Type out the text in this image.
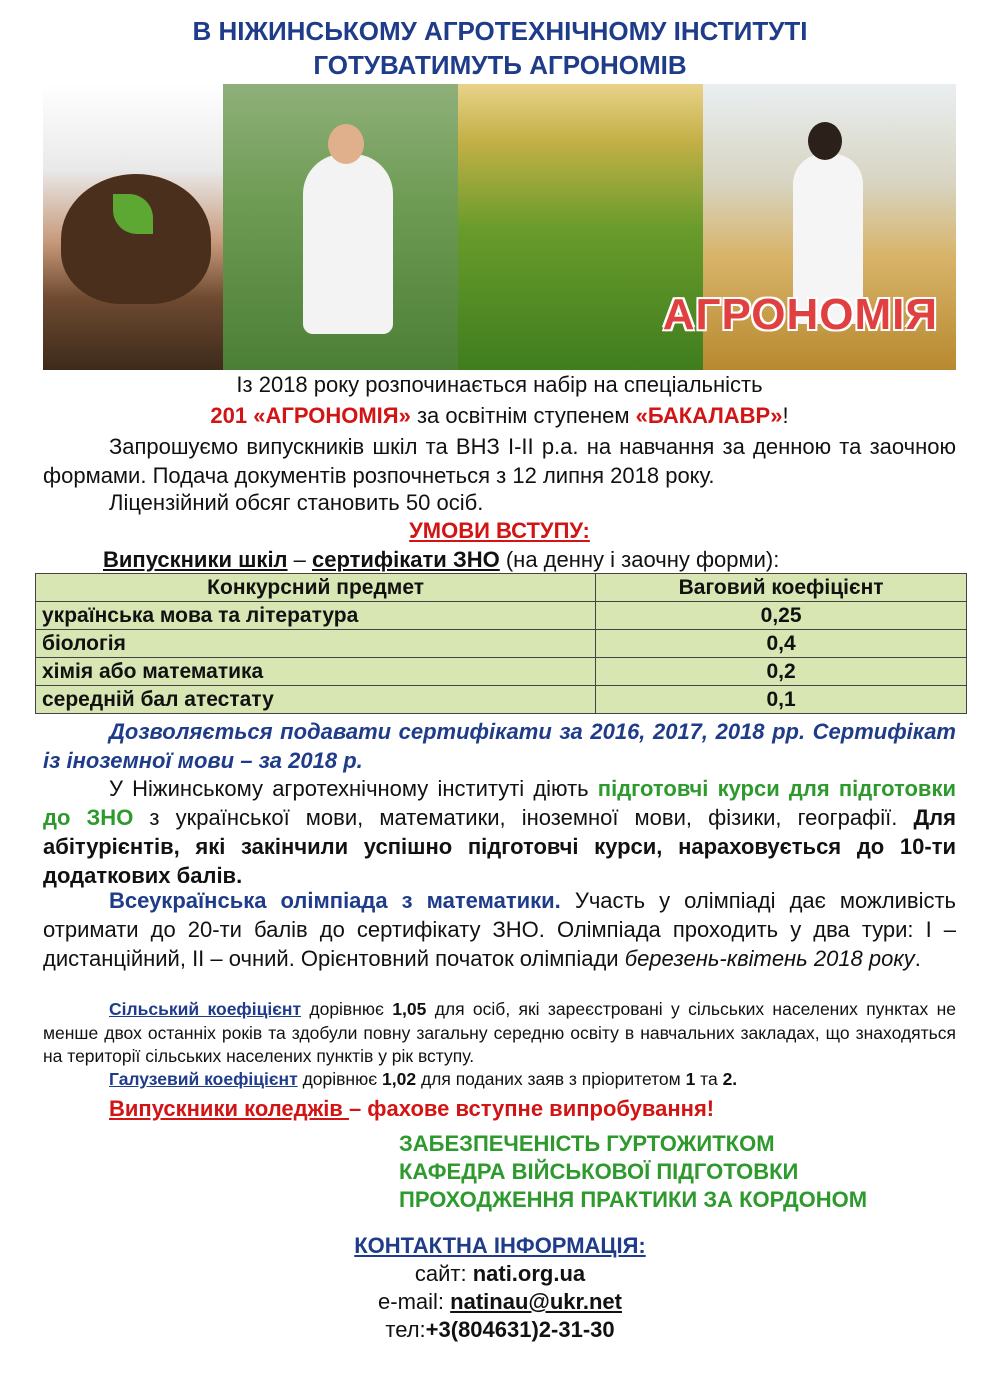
В НІЖИНСЬКОМУ АГРОТЕХНІЧНОМУ ІНСТИТУТІ
ГОТУВАТИМУТЬ АГРОНОМІВ
АГРОНОМІЯ
Із 2018 року розпочинається набір на спеціальність
201 «АГРОНОМІЯ» за освітнім ступенем «БАКАЛАВР»!
Запрошуємо випускників шкіл та ВНЗ І-ІІ р.а. на навчання за денною та заочною формами. Подача документів розпочнеться з 12 липня 2018 року.
Ліцензійний обсяг становить 50 осіб.
УМОВИ ВСТУПУ:
Випускники шкіл – сертифікати ЗНО (на денну і заочну форми):
Конкурсний предмет	Ваговий коефіцієнт
українська мова та література	0,25
біологія	0,4
хімія або математика	0,2
середній бал атестату	0,1
Дозволяється подавати сертифікати за 2016, 2017, 2018 рр. Сертифікат із іноземної мови – за 2018 р.
У Ніжинському агротехнічному інституті діють підготовчі курси для підготовки до ЗНО з української мови, математики, іноземної мови, фізики, географії. Для абітурієнтів, які закінчили успішно підготовчі курси, нараховується до 10-ти додаткових балів.
Всеукраїнська олімпіада з математики. Участь у олімпіаді дає можливість отримати до 20-ти балів до сертифікату ЗНО. Олімпіада проходить у два тури: І – дистанційний, ІІ – очний. Орієнтовний початок олімпіади березень-квітень 2018 року.
Сільський коефіцієнт дорівнює 1,05 для осіб, які зареєстровані у сільських населених пунктах не менше двох останніх років та здобули повну загальну середню освіту в навчальних закладах, що знаходяться на території сільських населених пунктів у рік вступу.
Галузевий коефіцієнт дорівнює 1,02 для поданих заяв з пріоритетом 1 та 2.
Випускники коледжів – фахове вступне випробування!
ЗАБЕЗПЕЧЕНІСТЬ ГУРТОЖИТКОМ
КАФЕДРА ВІЙСЬКОВОЇ ПІДГОТОВКИ
ПРОХОДЖЕННЯ ПРАКТИКИ ЗА КОРДОНОМ
КОНТАКТНА ІНФОРМАЦІЯ:
сайт: nati.org.ua
e-mail: natinau@ukr.net
тел:+3(804631)2-31-30
